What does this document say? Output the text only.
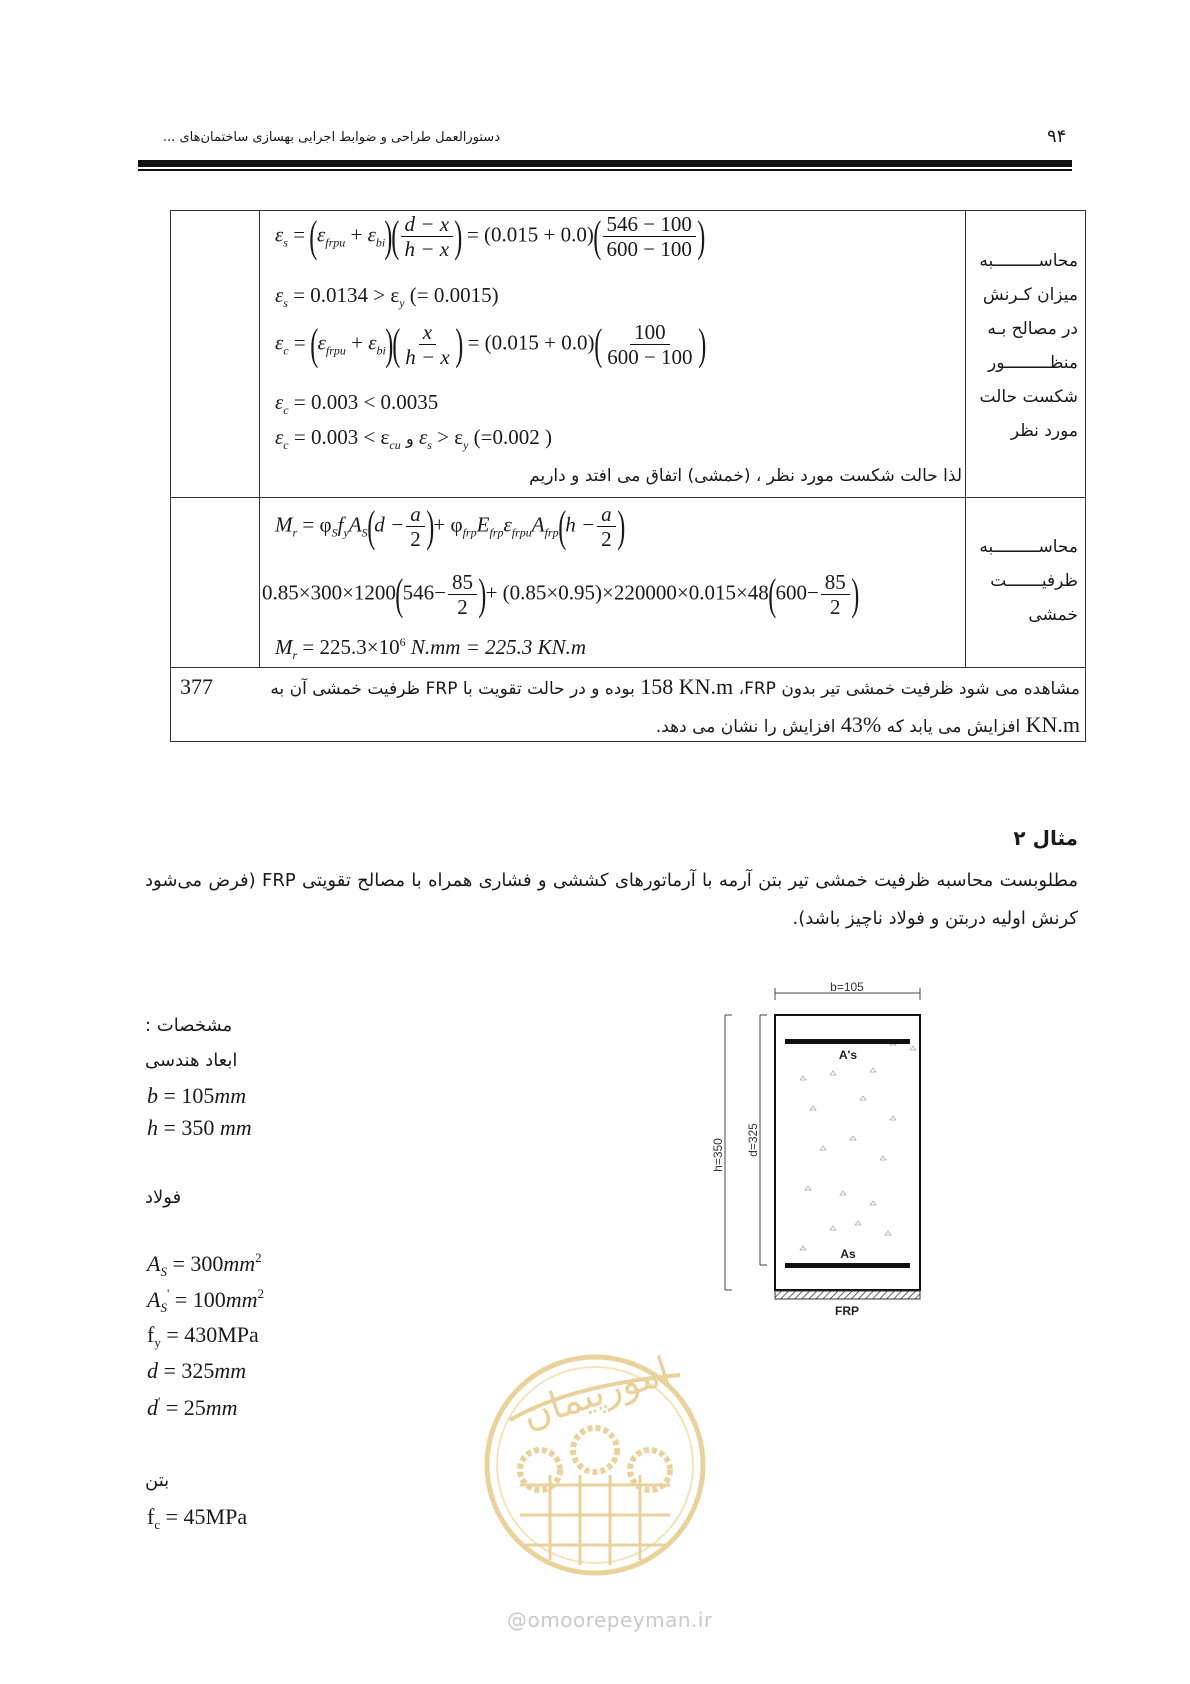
۹۴
دستورالعمل طراحی و ضوابط اجرایی بهسازی ساختمان‌های ...
محاســـــــــبه
میزان کـرنش
در مصالح بـه
منظـــــــــور
شکست حالت
مورد نظر
$\varepsilon_s = (\varepsilon_{frpu} + \varepsilon_{bi})( \frac{d - x}{h - x}$ ) = $(0.015 + 0.0)( \frac{546 - 100}{600 - 100}$ )
$\varepsilon_s = 0.0134 > \varepsilon_y$ (= 0.0015)
$\varepsilon_c = (\varepsilon_{frpu} + \varepsilon_{bi})( \frac{x}{h - x}$ ) = $(0.015 + 0.0)( \frac{100}{600 - 100}$ )
$\varepsilon_c = 0.003 < 0.0035$
$\varepsilon_c = 0.003 < \varepsilon_{cu}$ و $\varepsilon_s > \varepsilon_y$ (=0.002 )
لذا حالت شکست مورد نظر ، (خمشی) اتفاق می افتد و داریم
محاســـــــــبه
ظرفیـــــــت
خمشی
$M_r = \varphi_Sf_yA_S(d - \frac{a}{2}$ )+ $\varphi_{frp}E_{frp}\varepsilon_{frpu}A_{frp}(h - \frac{a}{2}$ )
$0.85\times 300\times 1200(546- \frac{85}{2}$ )+ $(0.85\times 0.95)\times 220000\times 0.015\times 48(600- \frac{85}{2}$ )
$M_r = 225.3\times 10^6$ N.mm = 225.3 KN.m
مشاهده می شود ظرفیت خمشی تیر بدون FRP، 158 KN.m بوده و در حالت تقویت با FRP ظرفیت خمشی آن به
377
KN.m افزایش می یابد که 43% افزایش را نشان می دهد.
مثال ۲
مطلوبست محاسبه ظرفیت خمشی تیر بتن آرمه با آرماتورهای کششی و فشاری همراه با مصالح تقویتی FRP (فرض می‌شود کرنش اولیه دربتن و فولاد ناچیز باشد).
مشخصات :
ابعاد هندسی
b = 105mm
h = 350 mm
فولاد
$A_S = 300mm^2$
$A_S' = 100mm^2$
$f_y = 430MPa$
d = 325mm
d' = 25mm
بتن
$f_c = 45MPa$
b=105
h=350 d=325
A's
As
FRP
امورپیمان
@omoorepeyman.ir
